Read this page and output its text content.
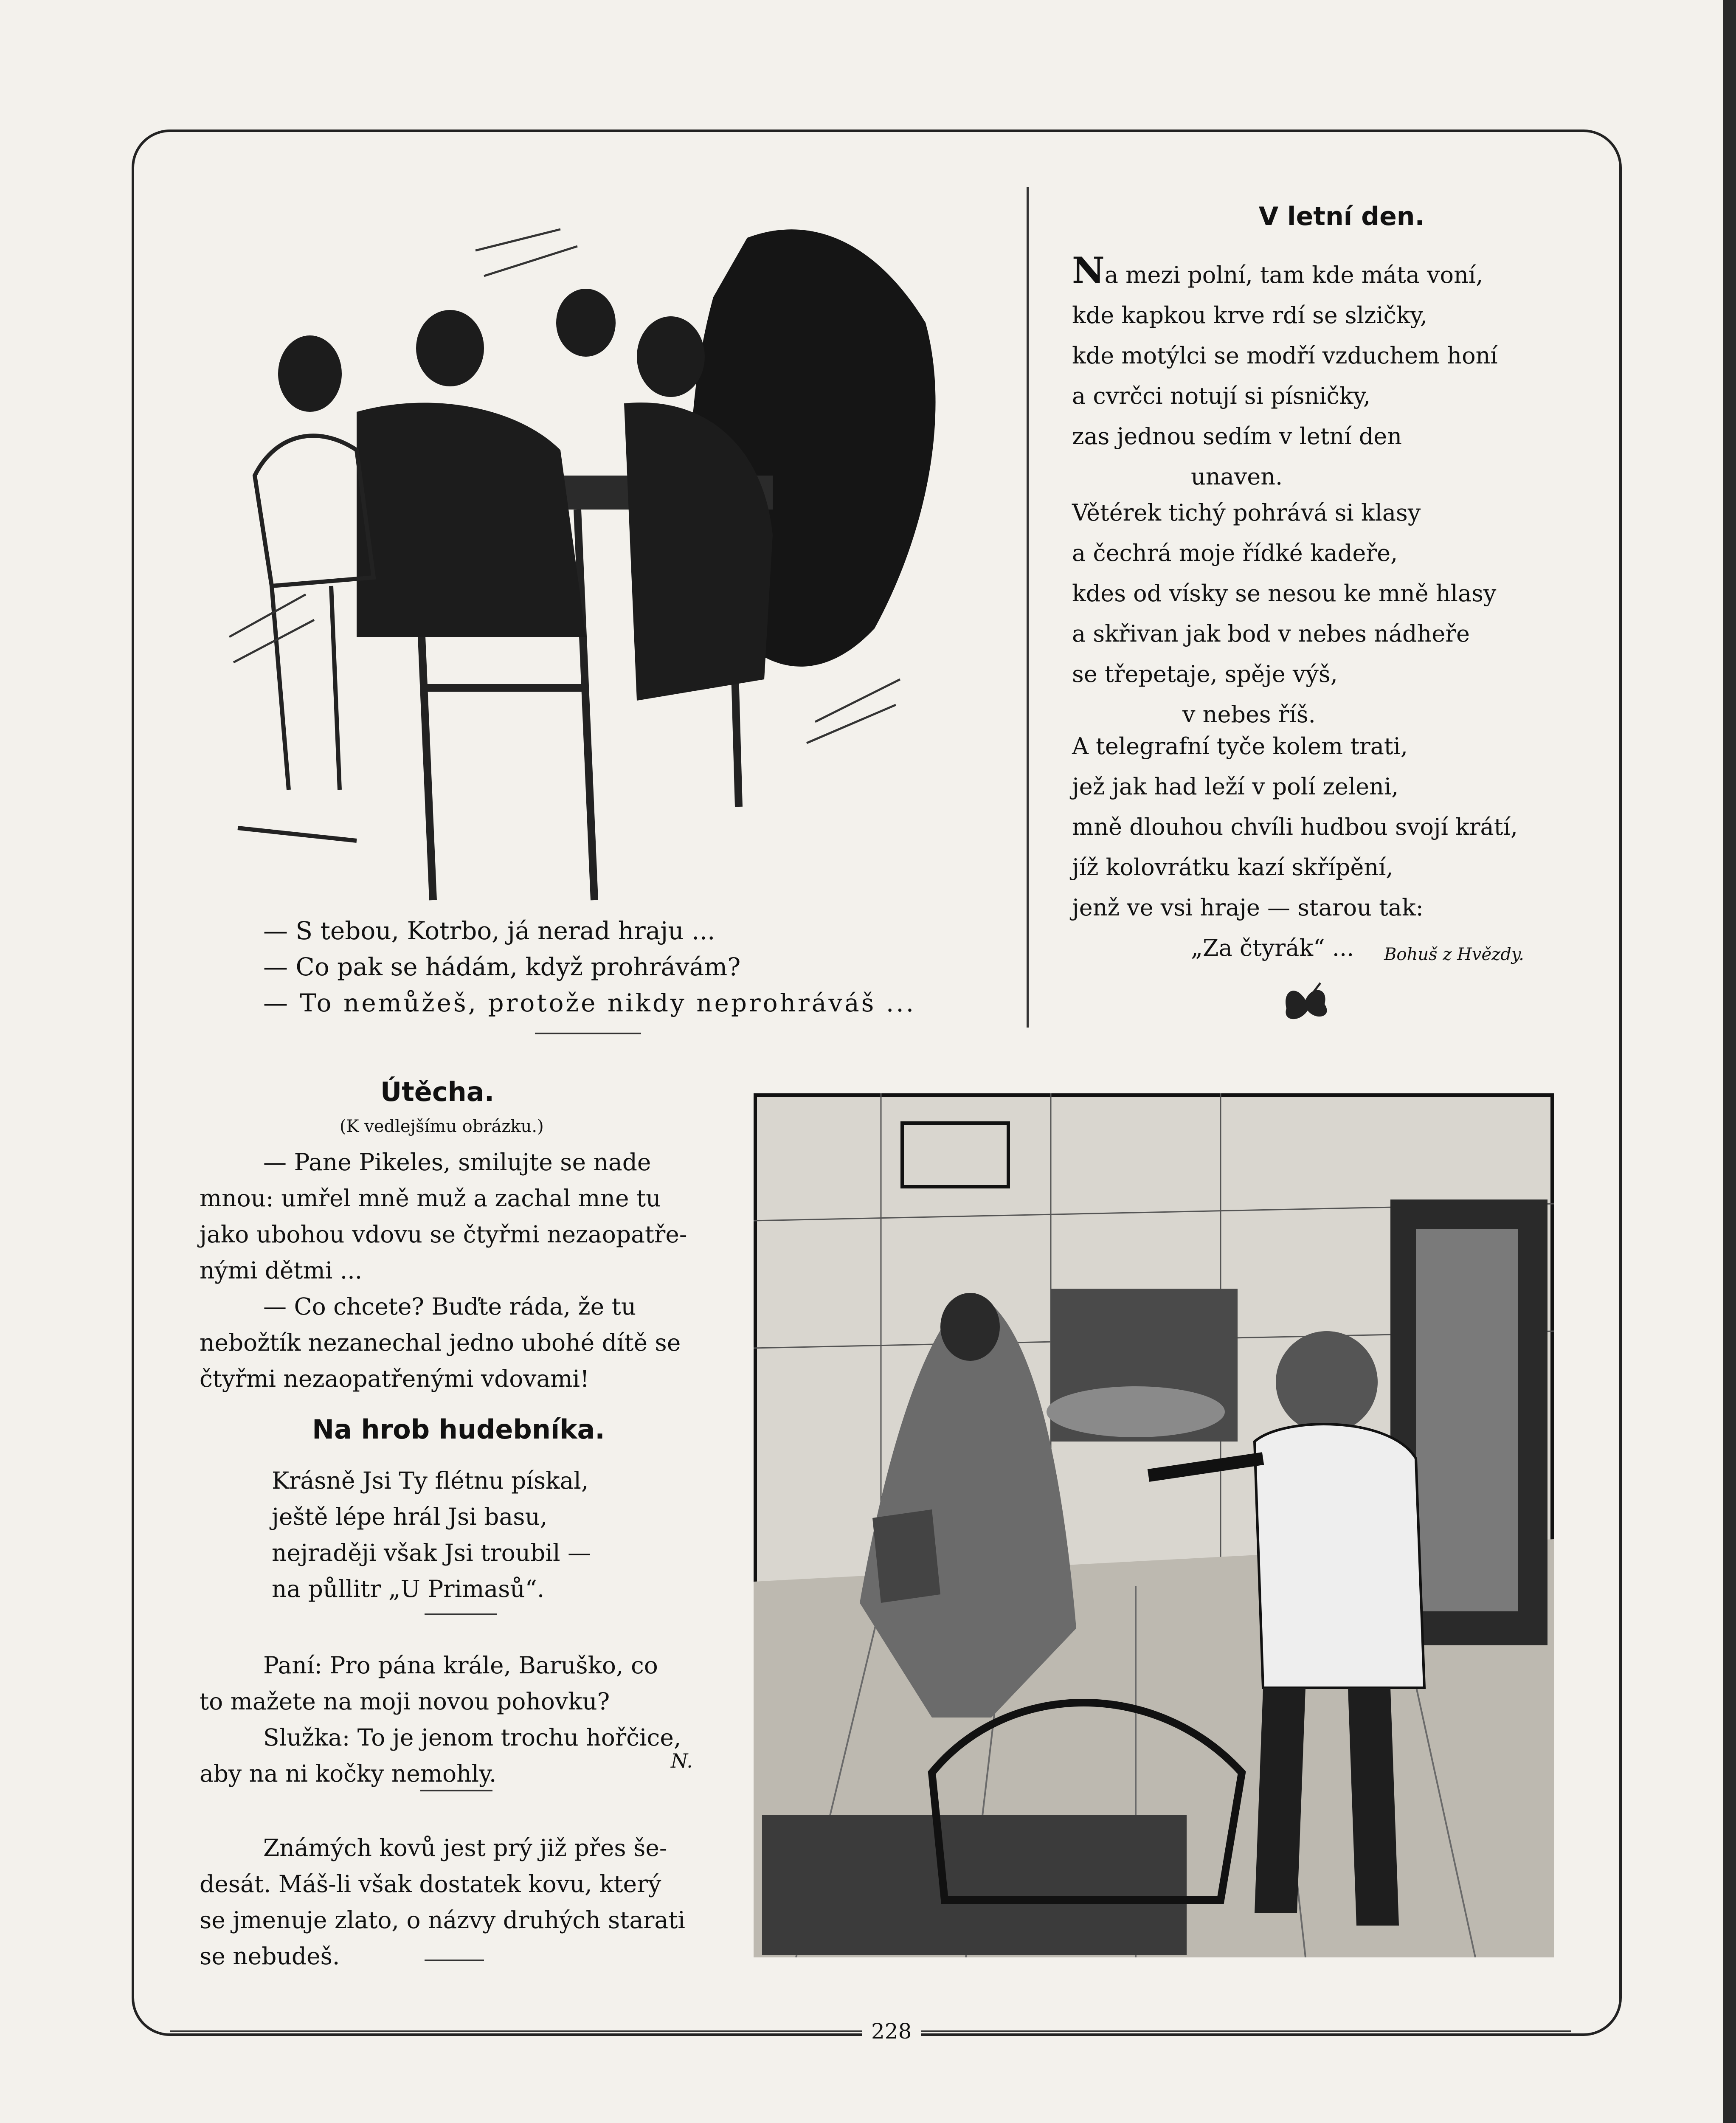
— S tebou, Kotrbo, já nerad hraju ...
— Co pak se hádám, když prohrávám?
— To nemůžeš, protože nikdy neprohráváš ...
V letní den.
Na mezi polní, tam kde máta voní,
kde kapkou krve rdí se slzičky,
kde motýlci se modří vzduchem honí
a cvrčci notují si písničky,
zas jednou sedím v letní den
unaven.
Větérek tichý pohrává si klasy
a čechrá moje řídké kadeře,
kdes od vísky se nesou ke mně hlasy
a skřivan jak bod v nebes nádheře
se třepetaje, spěje výš,
v nebes říš.
A telegrafní tyče kolem trati,
jež jak had leží v polí zeleni,
mně dlouhou chvíli hudbou svojí krátí,
jíž kolovrátku kazí skřípění,
jenž ve vsi hraje — starou tak:
„Za čtyrák“ ...	Bohuš z Hvězdy.
Útěcha.
(K vedlejšímu obrázku.)
— Pane Pikeles, smilujte se nade
mnou: umřel mně muž a zachal mne tu
jako ubohou vdovu se čtyřmi nezaopatře-
nými dětmi ...
— Co chcete? Buďte ráda, že tu
nebožtík nezanechal jedno ubohé dítě se
čtyřmi nezaopatřenými vdovami!
Na hrob hudebníka.
Krásně Jsi Ty flétnu pískal,
ještě lépe hrál Jsi basu,
nejraději však Jsi troubil —
na půllitr „U Primasů“.
Paní: Pro pána krále, Baruško, co
to mažete na moji novou pohovku?
Služka: To je jenom trochu hořčice,
aby na ni kočky nemohly.	N.
Známých kovů jest prý již přes še-
desát. Máš-li však dostatek kovu, který
se jmenuje zlato, o názvy druhých starati
se nebudeš.
228
